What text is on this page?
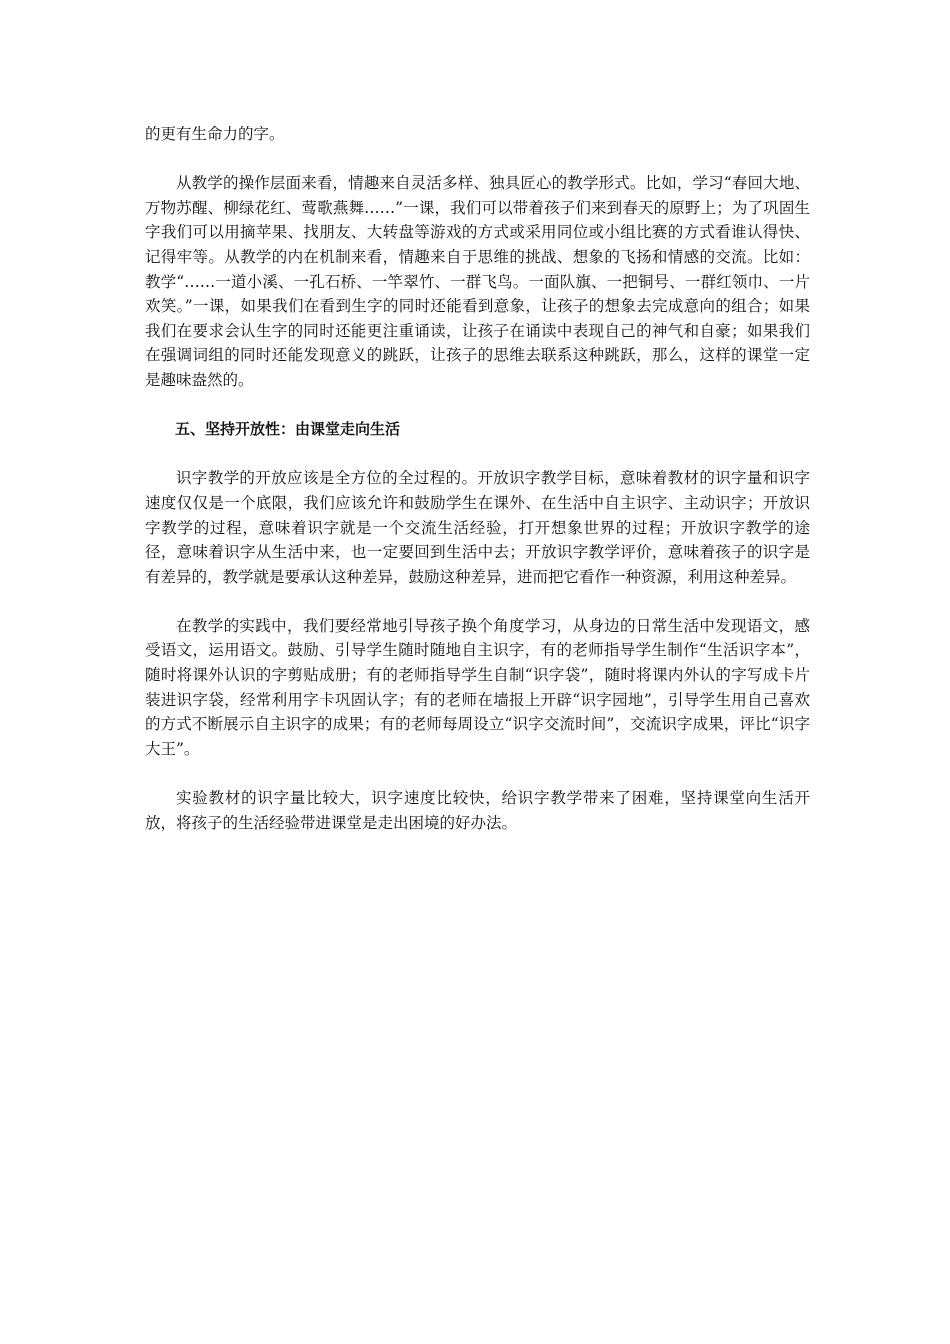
的更有生命力的字。

从教学的操作层面来看，情趣来自灵活多样、独具匠心的教学形式。比如，学习“春回大地、万物苏醒、柳绿花红、莺歌燕舞……”一课，我们可以带着孩子们来到春天的原野上；为了巩固生字我们可以用摘苹果、找朋友、大转盘等游戏的方式或采用同位或小组比赛的方式看谁认得快、记得牢等。从教学的内在机制来看，情趣来自于思维的挑战、想象的飞扬和情感的交流。比如：教学“……一道小溪、一孔石桥、一竿翠竹、一群飞鸟。一面队旗、一把铜号、一群红领巾、一片欢笑。”一课，如果我们在看到生字的同时还能看到意象，让孩子的想象去完成意向的组合；如果我们在要求会认生字的同时还能更注重诵读，让孩子在诵读中表现自己的神气和自豪；如果我们在强调词组的同时还能发现意义的跳跃，让孩子的思维去联系这种跳跃，那么，这样的课堂一定是趣味盎然的。

五、坚持开放性：由课堂走向生活

识字教学的开放应该是全方位的全过程的。开放识字教学目标，意味着教材的识字量和识字速度仅仅是一个底限，我们应该允许和鼓励学生在课外、在生活中自主识字、主动识字；开放识字教学的过程，意味着识字就是一个交流生活经验，打开想象世界的过程；开放识字教学的途径，意味着识字从生活中来，也一定要回到生活中去；开放识字教学评价，意味着孩子的识字是有差异的，教学就是要承认这种差异，鼓励这种差异，进而把它看作一种资源，利用这种差异。

在教学的实践中，我们要经常地引导孩子换个角度学习，从身边的日常生活中发现语文，感受语文，运用语文。鼓励、引导学生随时随地自主识字，有的老师指导学生制作“生活识字本”，随时将课外认识的字剪贴成册；有的老师指导学生自制“识字袋”，随时将课内外认的字写成卡片装进识字袋，经常利用字卡巩固认字；有的老师在墙报上开辟“识字园地”，引导学生用自己喜欢的方式不断展示自主识字的成果；有的老师每周设立“识字交流时间”，交流识字成果，评比“识字大王”。

实验教材的识字量比较大，识字速度比较快，给识字教学带来了困难，坚持课堂向生活开放，将孩子的生活经验带进课堂是走出困境的好办法。
